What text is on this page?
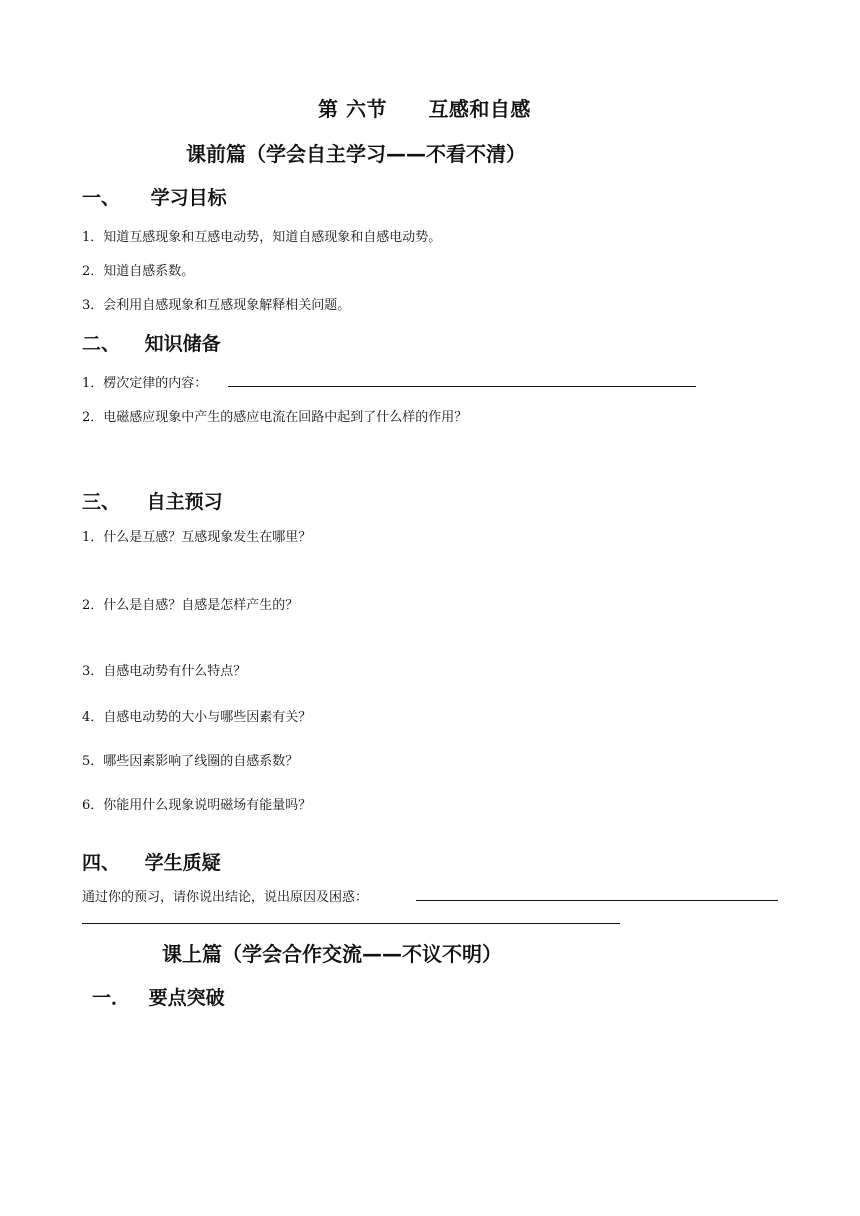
第 六节 互感和自感
课前篇（学会自主学习——不看不清）
一、 学习目标
1．知道互感现象和互感电动势，知道自感现象和自感电动势。
2．知道自感系数。
3．会利用自感现象和互感现象解释相关问题。
二、 知识储备
1．楞次定律的内容：
2．电磁感应现象中产生的感应电流在回路中起到了什么样的作用？
三、 自主预习
1．什么是互感？互感现象发生在哪里？
2．什么是自感？自感是怎样产生的？
3．自感电动势有什么特点？
4．自感电动势的大小与哪些因素有关？
5．哪些因素影响了线圈的自感系数？
6．你能用什么现象说明磁场有能量吗？
四、 学生质疑
通过你的预习，请你说出结论，说出原因及困惑：
课上篇（学会合作交流——不议不明）
一． 要点突破
